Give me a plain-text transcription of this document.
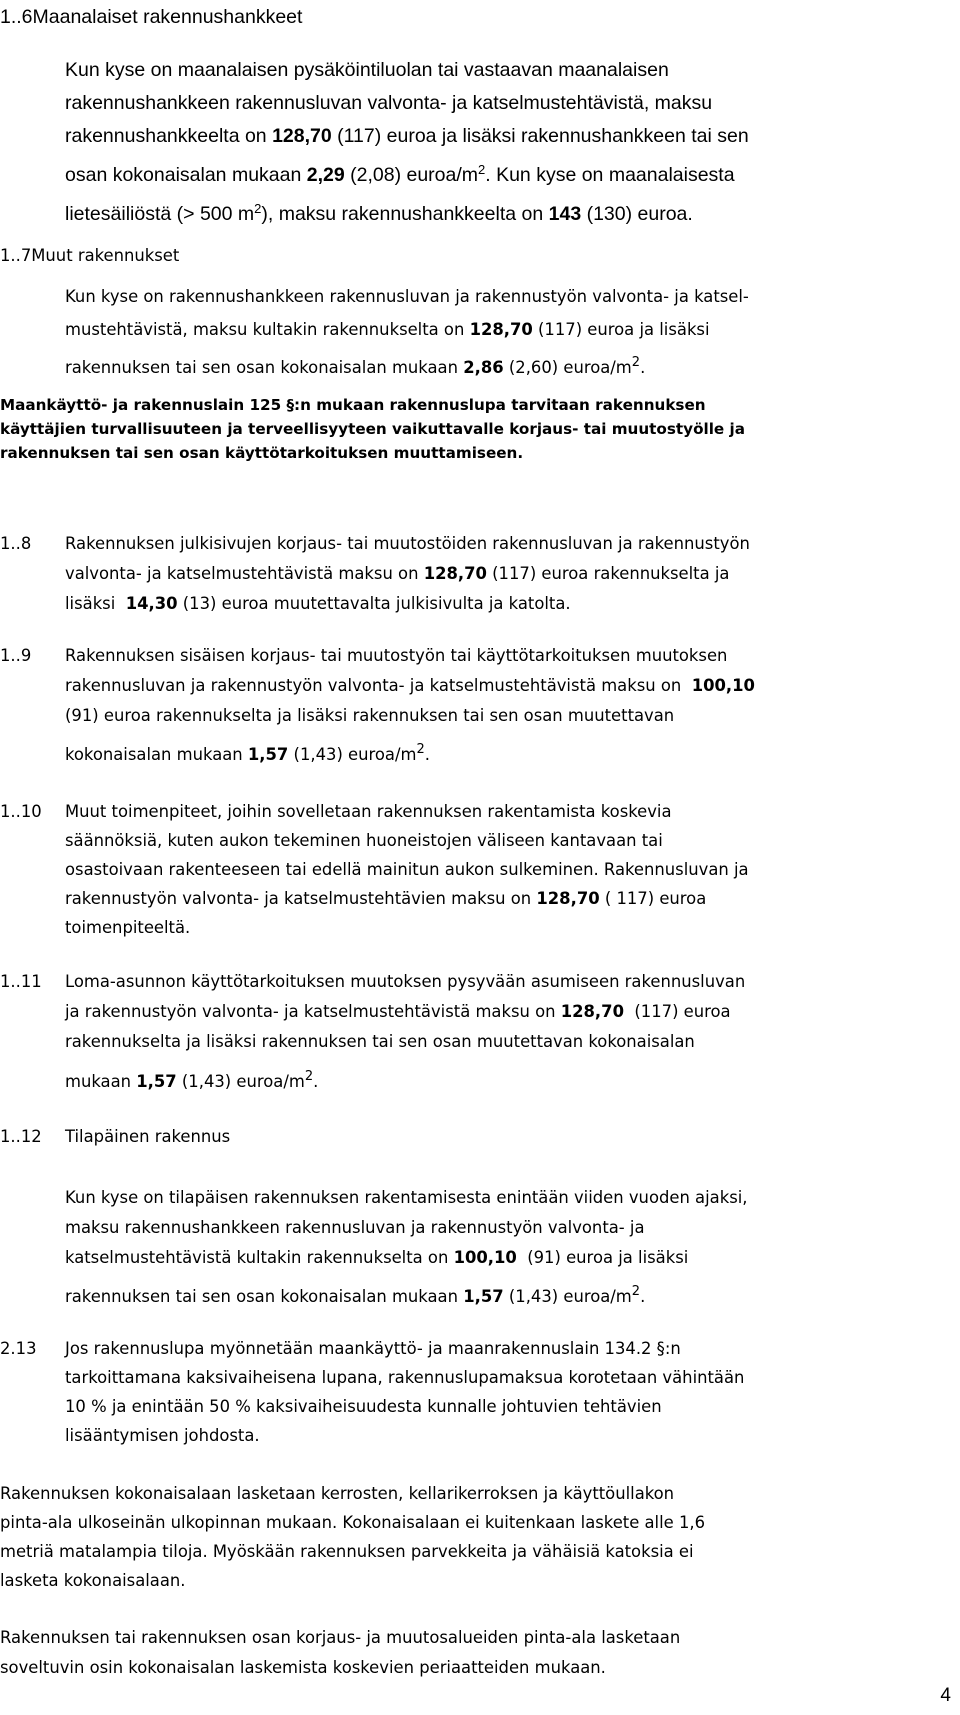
1..6Maanalaiset rakennushankkeet
Kun kyse on maanalaisen pysäköintiluolan tai vastaavan maanalaisen
rakennushankkeen rakennusluvan valvonta- ja katselmustehtävistä, maksu
rakennushankkeelta on 128,70 (117) euroa ja lisäksi rakennushankkeen tai sen
osan kokonaisalan mukaan 2,29 (2,08) euroa/$m^2$. Kun kyse on maanalaisesta
lietesäiliöstä (> 500 $m^2$), maksu rakennushankkeelta on 143 (130) euroa.
1..7Muut rakennukset
Kun kyse on rakennushankkeen rakennusluvan ja rakennustyön valvonta- ja katsel-
mustehtävistä, maksu kultakin rakennukselta on 128,70 (117) euroa ja lisäksi
rakennuksen tai sen osan kokonaisalan mukaan 2,86 (2,60) euroa/$m^2$.
Maankäyttö- ja rakennuslain 125 §:n mukaan rakennuslupa tarvitaan rakennuksen
käyttäjien turvallisuuteen ja terveellisyyteen vaikuttavalle korjaus- tai muutostyölle ja
rakennuksen tai sen osan käyttötarkoituksen muuttamiseen.
1..8 Rakennuksen julkisivujen korjaus- tai muutostöiden rakennusluvan ja rakennustyön
valvonta- ja katselmustehtävistä maksu on 128,70 (117) euroa rakennukselta ja
lisäksi  14,30 (13) euroa muutettavalta julkisivulta ja katolta.
1..9 Rakennuksen sisäisen korjaus- tai muutostyön tai käyttötarkoituksen muutoksen
rakennusluvan ja rakennustyön valvonta- ja katselmustehtävistä maksu on  100,10
(91) euroa rakennukselta ja lisäksi rakennuksen tai sen osan muutettavan
kokonaisalan mukaan 1,57 (1,43) euroa/$m^2$.
1..10 Muut toimenpiteet, joihin sovelletaan rakennuksen rakentamista koskevia
säännöksiä, kuten aukon tekeminen huoneistojen väliseen kantavaan tai
osastoivaan rakenteeseen tai edellä mainitun aukon sulkeminen. Rakennusluvan ja
rakennustyön valvonta- ja katselmustehtävien maksu on 128,70 ( 117) euroa
toimenpiteeltä.
1..11 Loma-asunnon käyttötarkoituksen muutoksen pysyvään asumiseen rakennusluvan
ja rakennustyön valvonta- ja katselmustehtävistä maksu on 128,70  (117) euroa
rakennukselta ja lisäksi rakennuksen tai sen osan muutettavan kokonaisalan
mukaan 1,57 (1,43) euroa/$m^2$.
1..12 Tilapäinen rakennus
Kun kyse on tilapäisen rakennuksen rakentamisesta enintään viiden vuoden ajaksi,
maksu rakennushankkeen rakennusluvan ja rakennustyön valvonta- ja
katselmustehtävistä kultakin rakennukselta on 100,10  (91) euroa ja lisäksi
rakennuksen tai sen osan kokonaisalan mukaan 1,57 (1,43) euroa/$m^2$.
2.13 Jos rakennuslupa myönnetään maankäyttö- ja maanrakennuslain 134.2 §:n
tarkoittamana kaksivaiheisena lupana, rakennuslupamaksua korotetaan vähintään
10 % ja enintään 50 % kaksivaiheisuudesta kunnalle johtuvien tehtävien
lisääntymisen johdosta.
Rakennuksen kokonaisalaan lasketaan kerrosten, kellarikerroksen ja käyttöullakon
pinta-ala ulkoseinän ulkopinnan mukaan. Kokonaisalaan ei kuitenkaan laskete alle 1,6
metriä matalampia tiloja. Myöskään rakennuksen parvekkeita ja vähäisiä katoksia ei
lasketa kokonaisalaan.
Rakennuksen tai rakennuksen osan korjaus- ja muutosalueiden pinta-ala lasketaan
soveltuvin osin kokonaisalan laskemista koskevien periaatteiden mukaan.
4
